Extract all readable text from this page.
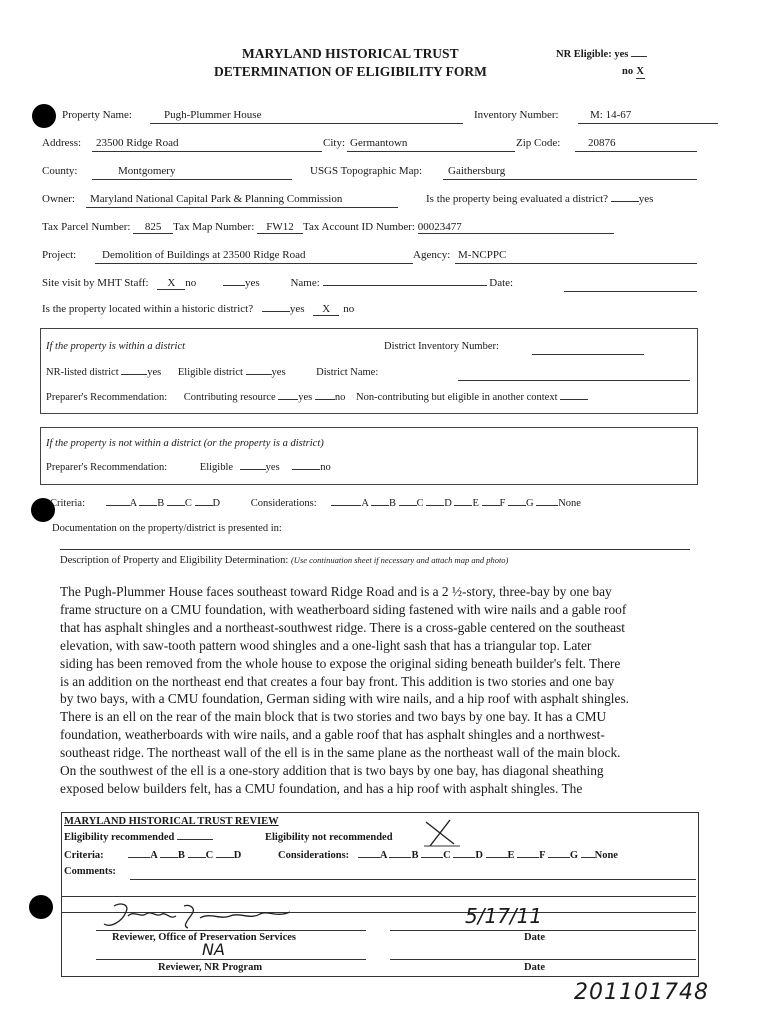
MARYLAND HISTORICAL TRUST
DETERMINATION OF ELIGIBILITY FORM
NR Eligible: yes
no X
Property Name:	Pugh-Plummer House	Inventory Number:	M: 14-67
Address: 23500 Ridge Road	City: Germantown	Zip Code:	20876
County:	Montgomery	USGS Topographic Map: Gaithersburg
Owner: Maryland National Capital Park & Planning Commission	Is the property being evaluated a district?	yes
Tax Parcel Number: 825 Tax Map Number: FW12 Tax Account ID Number: 00023477
Project: Demolition of Buildings at 23500 Ridge Road	Agency: M-NCPPC
Site visit by MHT Staff: X no	yes	Name:	Date:
Is the property located within a historic district?	yes X no
If the property is within a district	District Inventory Number:
NR-listed district	yes Eligible district	yes	District Name:
Preparer's Recommendation: Contributing resource yes no Non-contributing but eligible in another context
If the property is not within a district (or the property is a district)
Preparer's Recommendation:	Eligible	yes	no
Criteria:	A B C D	Considerations:	A B C D E F G None
Documentation on the property/district is presented in:
Description of Property and Eligibility Determination: (Use continuation sheet if necessary and attach map and photo)
The Pugh-Plummer House faces southeast toward Ridge Road and is a 2 ½-story, three-bay by one bay
frame structure on a CMU foundation, with weatherboard siding fastened with wire nails and a gable roof
that has asphalt shingles and a northeast-southwest ridge. There is a cross-gable centered on the southeast
elevation, with saw-tooth pattern wood shingles and a one-light sash that has a triangular top. Later
siding has been removed from the whole house to expose the original siding beneath builder's felt. There
is an addition on the northeast end that creates a four bay front. This addition is two stories and one bay
by two bays, with a CMU foundation, German siding with wire nails, and a hip roof with asphalt shingles.
There is an ell on the rear of the main block that is two stories and two bays by one bay. It has a CMU
foundation, weatherboards with wire nails, and a gable roof that has asphalt shingles and a northwest-
southeast ridge. The northeast wall of the ell is in the same plane as the northeast wall of the main block.
On the southwest of the ell is a one-story addition that is two bays by one bay, has diagonal sheathing
exposed below builders felt, has a CMU foundation, and has a hip roof with asphalt shingles. The
MARYLAND HISTORICAL TRUST REVIEW
Eligibility recommended	Eligibility not recommended
Criteria:	A B C D	Considerations:	A B C D E F G None
Comments:
5/17/11
Reviewer, Office of Preservation Services	Date
NA
Reviewer, NR Program	Date
201101748
